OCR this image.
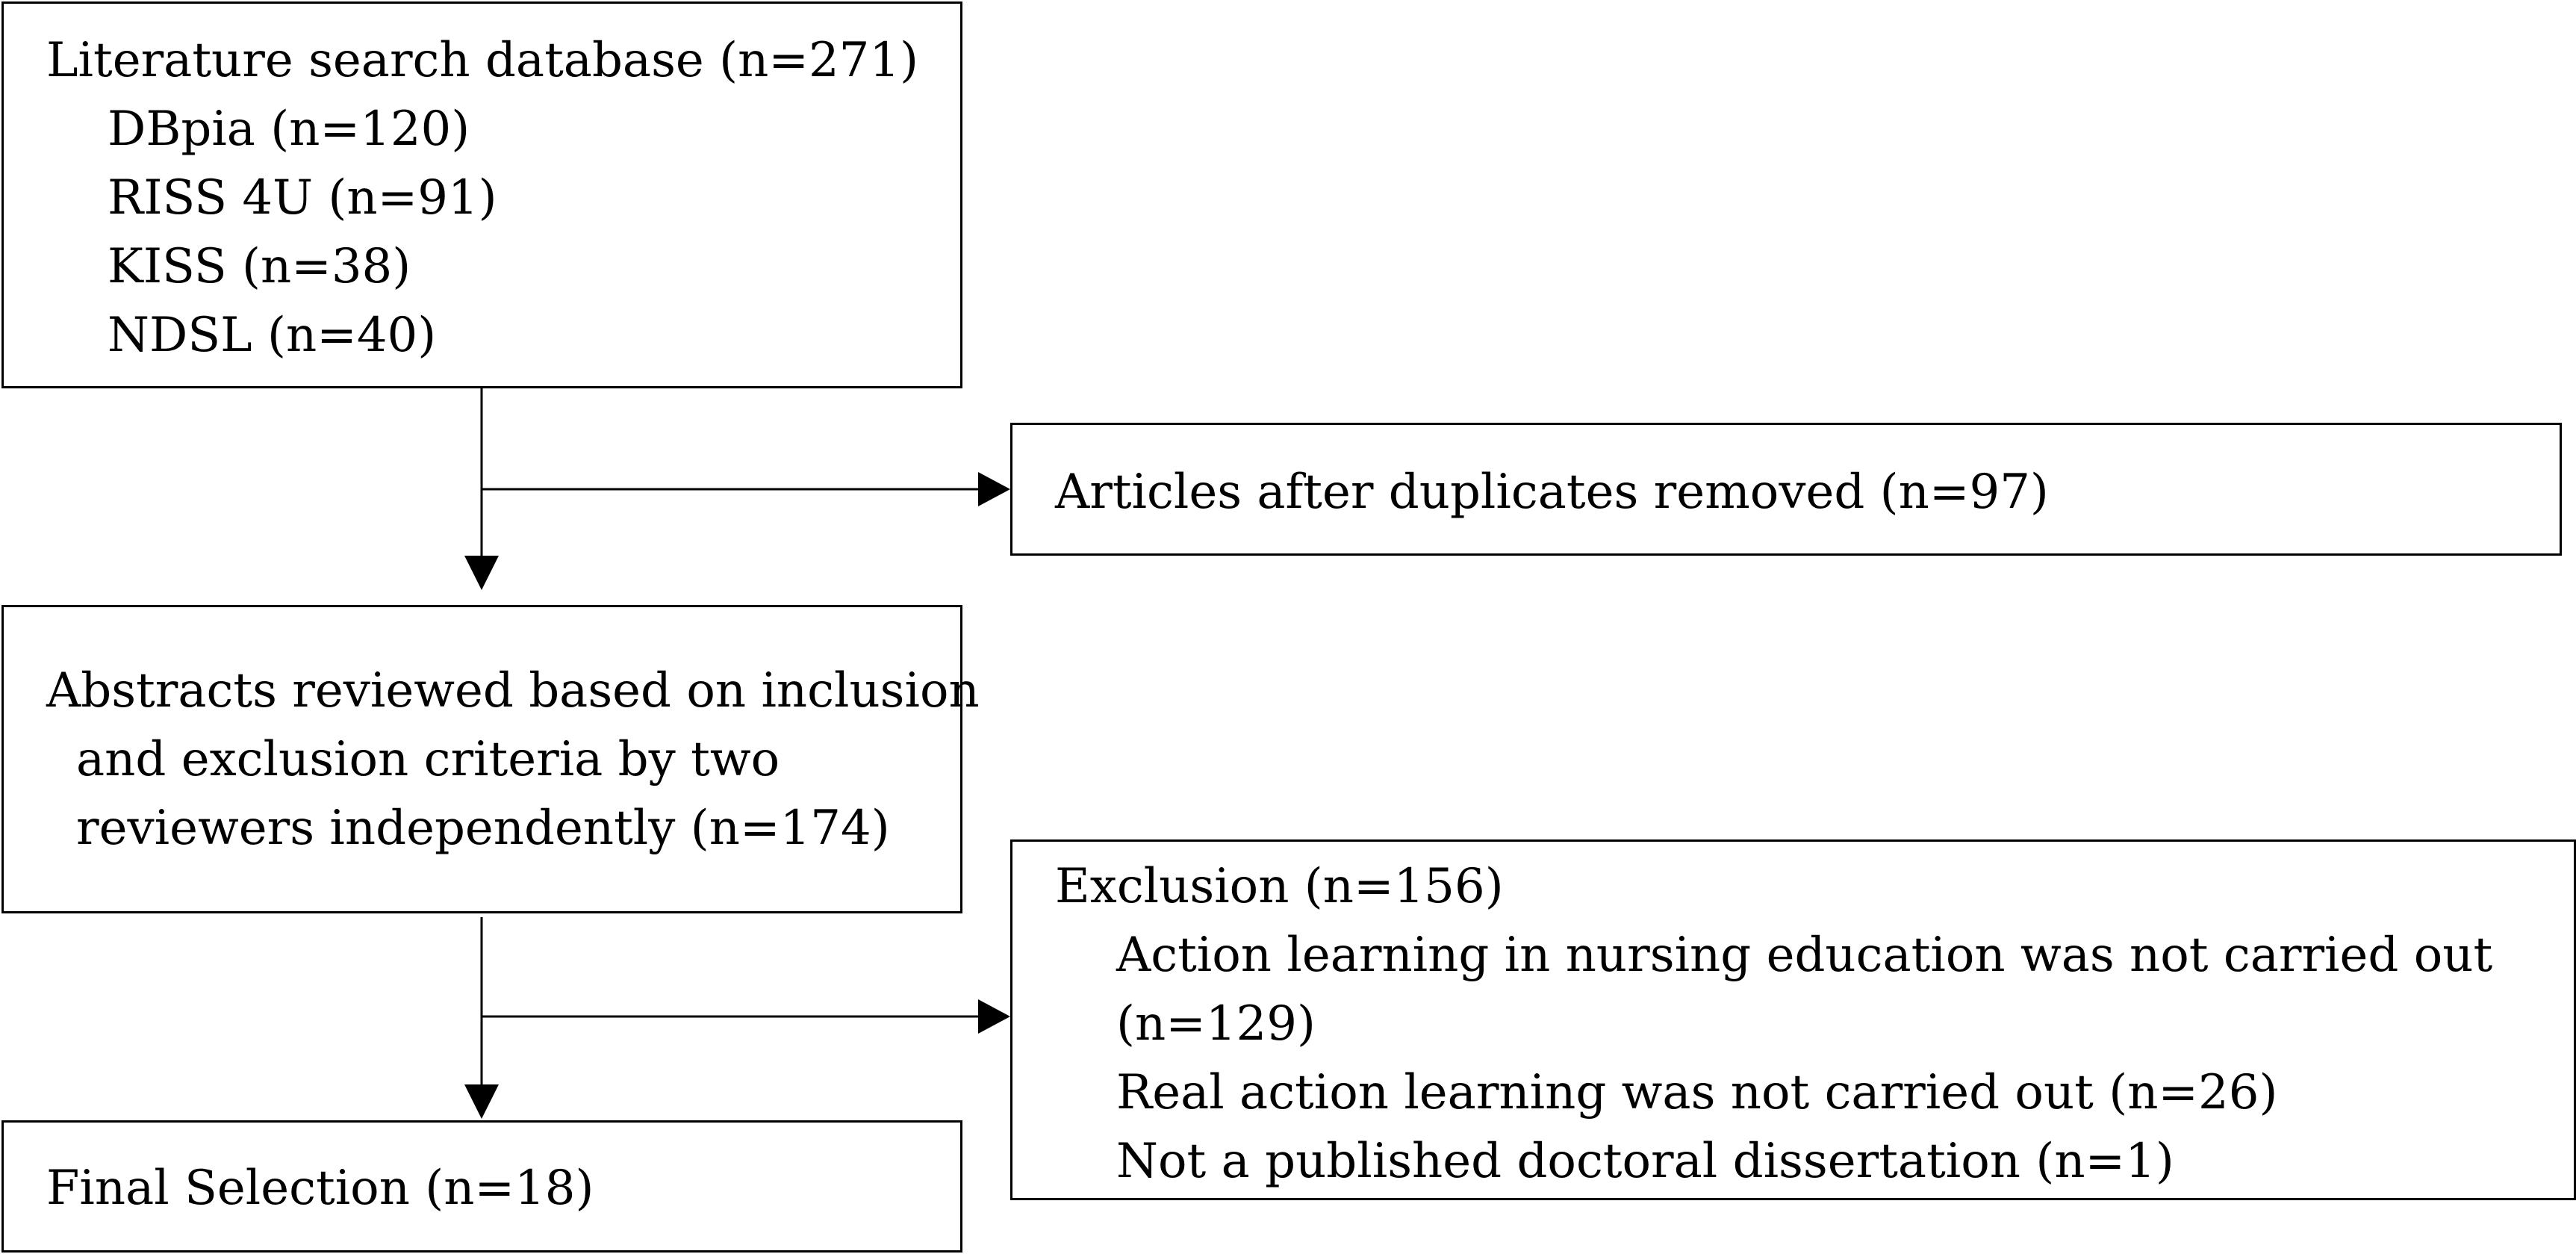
Literature search database (n=271)
DBpia (n=120)
RISS 4U (n=91)
KISS (n=38)
NDSL (n=40)
Articles after duplicates removed (n=97)
Abstracts reviewed based on inclusion
and exclusion criteria by two
reviewers independently (n=174)
Exclusion (n=156)
Action learning in nursing education was not carried out
(n=129)
Real action learning was not carried out (n=26)
Not a published doctoral dissertation (n=1)
Final Selection (n=18)
